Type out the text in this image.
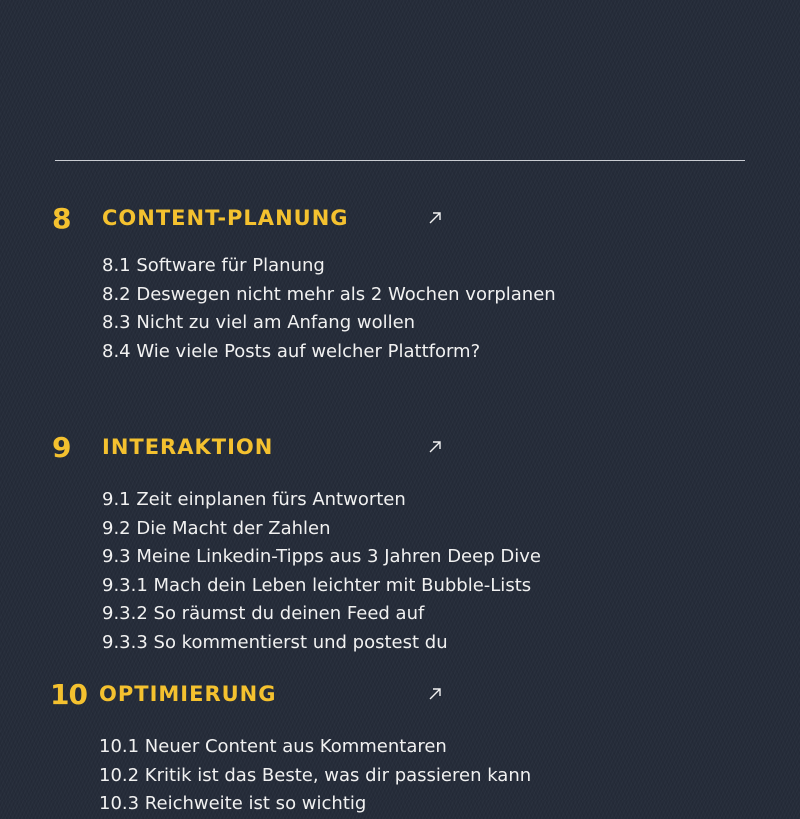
8 CONTENT-PLANUNG
8.1 Software für Planung
8.2 Deswegen nicht mehr als 2 Wochen vorplanen
8.3 Nicht zu viel am Anfang wollen
8.4 Wie viele Posts auf welcher Plattform?
9 INTERAKTION
9.1 Zeit einplanen fürs Antworten
9.2 Die Macht der Zahlen
9.3 Meine Linkedin-Tipps aus 3 Jahren Deep Dive
9.3.1 Mach dein Leben leichter mit Bubble-Lists
9.3.2 So räumst du deinen Feed auf
9.3.3 So kommentierst und postest du
10 OPTIMIERUNG
10.1 Neuer Content aus Kommentaren
10.2 Kritik ist das Beste, was dir passieren kann
10.3 Reichweite ist so wichtig
